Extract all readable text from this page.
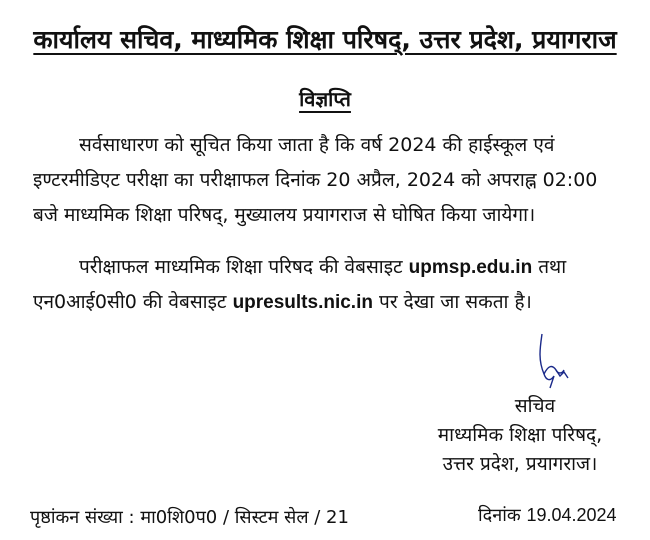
कार्यालय सचिव, माध्यमिक शिक्षा परिषद्, उत्तर प्रदेश, प्रयागराज
विज्ञप्ति

सर्वसाधारण को सूचित किया जाता है कि वर्ष 2024 की हाईस्कूल एवं

इण्टरमीडिएट परीक्षा का परीक्षाफल दिनांक 20 अप्रैल, 2024 को अपराह्न 02:00

बजे माध्यमिक शिक्षा परिषद्, मुख्यालय प्रयागराज से घोषित किया जायेगा।

परीक्षाफल माध्यमिक शिक्षा परिषद की वेबसाइट upmsp.edu.in तथा

एन0आई0सी0 की वेबसाइट upresults.nic.in पर देखा जा सकता है।

सचिव
माध्यमिक शिक्षा परिषद्,
उत्तर प्रदेश, प्रयागराज।
पृष्ठांकन संख्या : मा0शि0प0 / सिस्टम सेल / 21	दिनांक 19.04.2024
